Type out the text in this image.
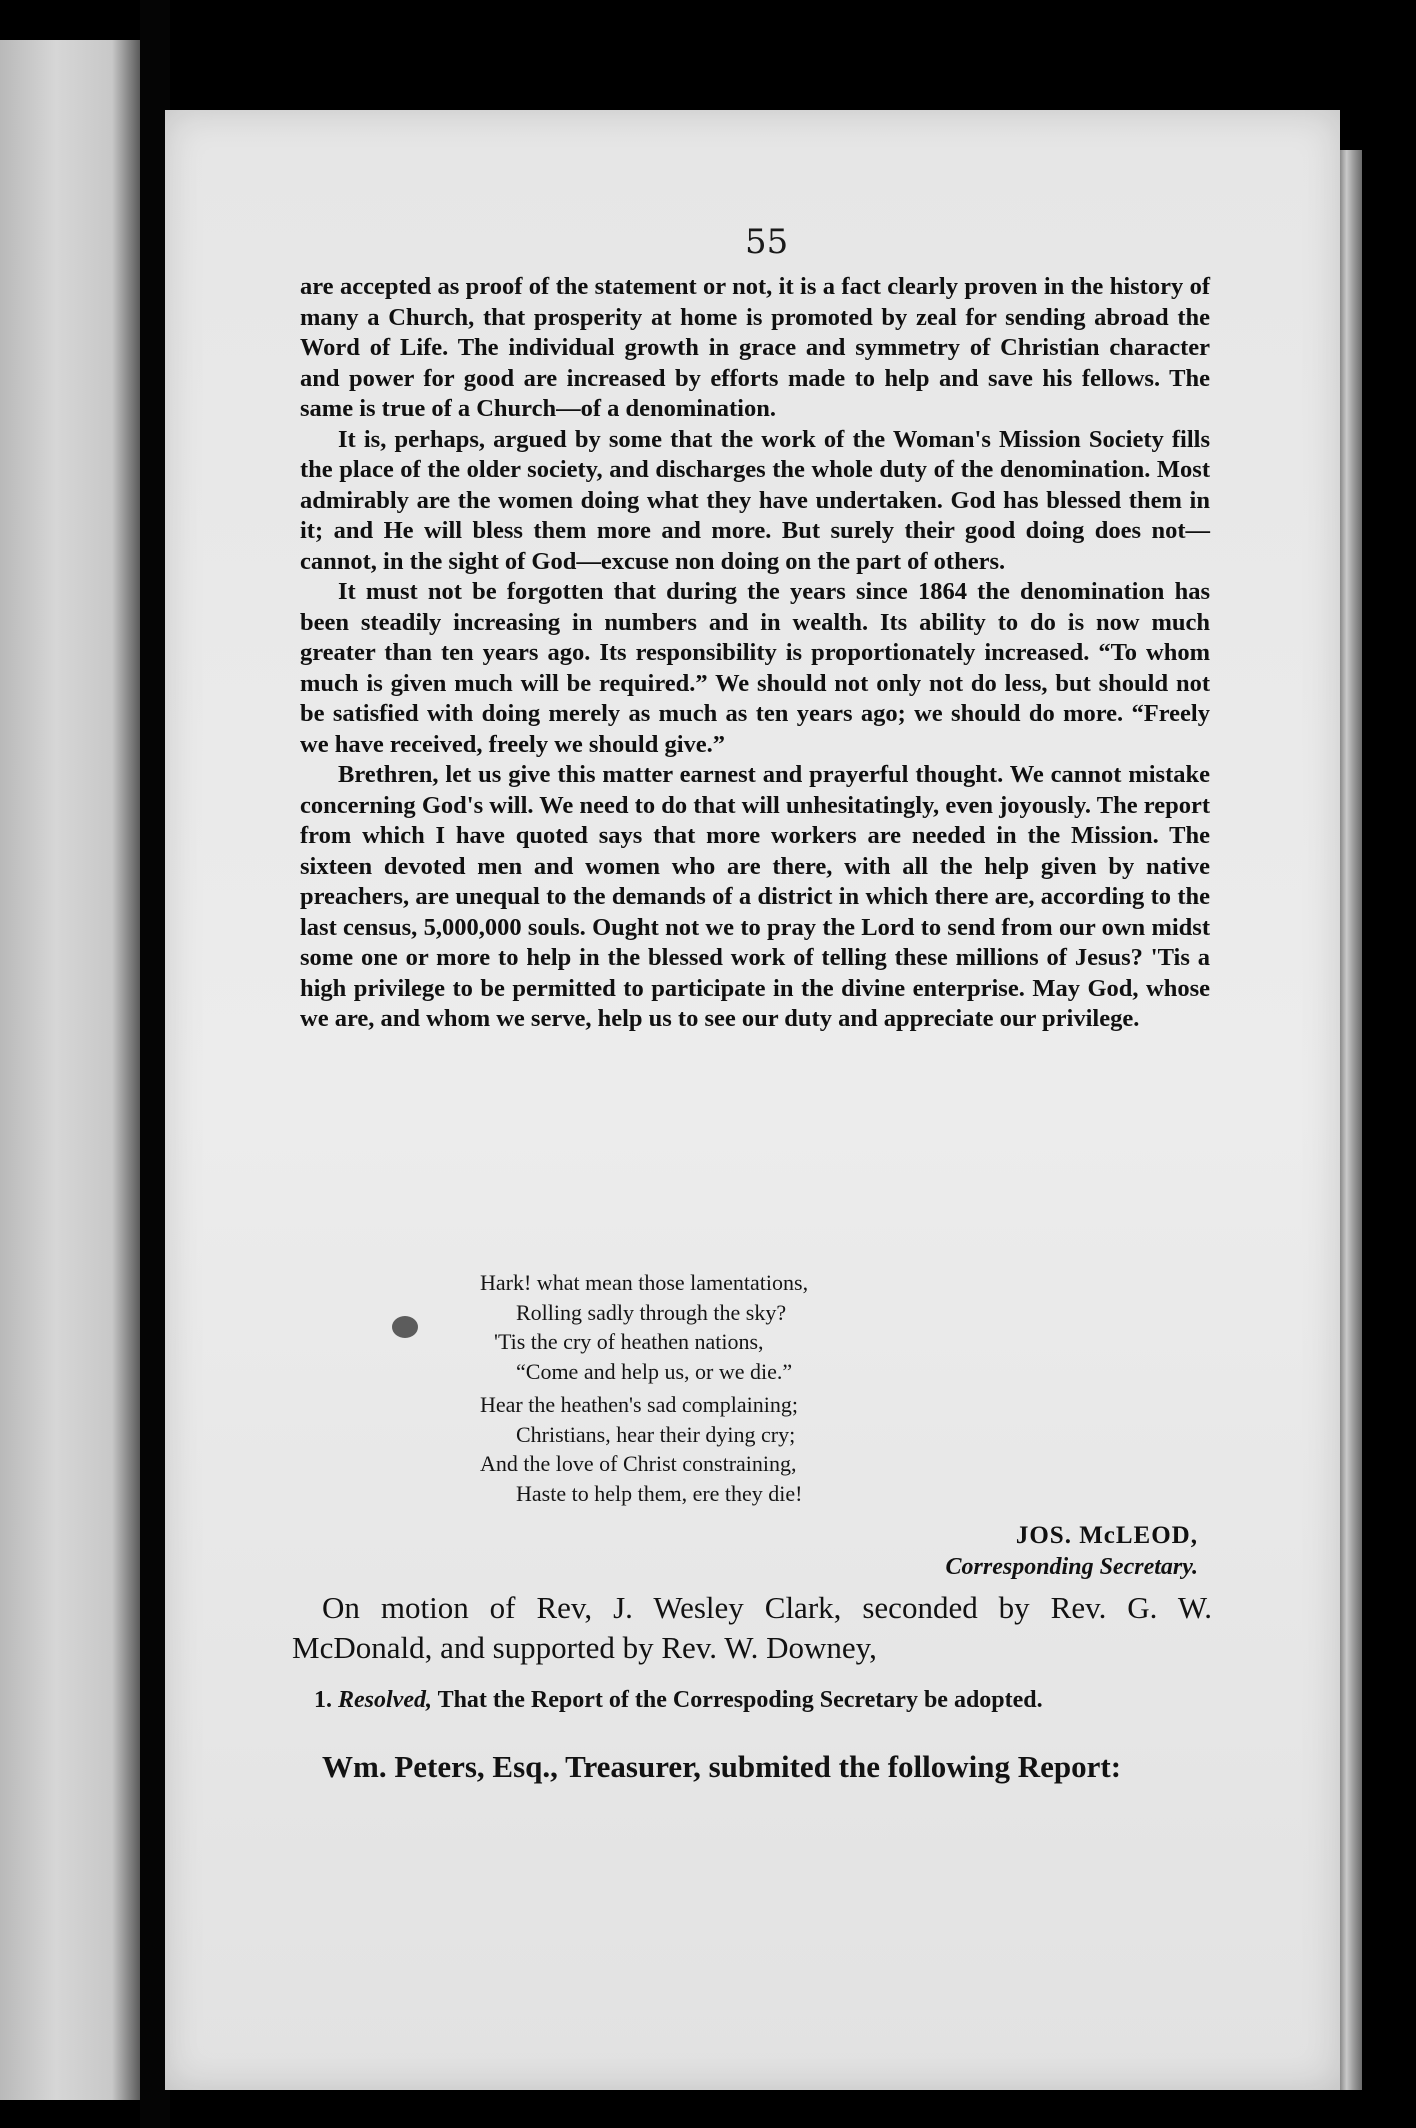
55

are accepted as proof of the statement or not, it is a fact clearly proven in the history of many a Church, that prosperity at home is promoted by zeal for sending abroad the Word of Life. The individual growth in grace and symmetry of Christian character and power for good are increased by efforts made to help and save his fellows. The same is true of a Church—of a denomination.

It is, perhaps, argued by some that the work of the Woman's Mission Society fills the place of the older society, and discharges the whole duty of the denomination. Most admirably are the women doing what they have undertaken. God has blessed them in it; and He will bless them more and more. But surely their good doing does not—cannot, in the sight of God—excuse non doing on the part of others.

It must not be forgotten that during the years since 1864 the denomination has been steadily increasing in numbers and in wealth. Its ability to do is now much greater than ten years ago. Its responsibility is proportionately increased. “To whom much is given much will be required.” We should not only not do less, but should not be satisfied with doing merely as much as ten years ago; we should do more. “Freely we have received, freely we should give.”

Brethren, let us give this matter earnest and prayerful thought. We cannot mistake concerning God's will. We need to do that will unhesitatingly, even joyously. The report from which I have quoted says that more workers are needed in the Mission. The sixteen devoted men and women who are there, with all the help given by native preachers, are unequal to the demands of a district in which there are, according to the last census, 5,000,000 souls. Ought not we to pray the Lord to send from our own midst some one or more to help in the blessed work of telling these millions of Jesus? 'Tis a high privilege to be permitted to participate in the divine enterprise. May God, whose we are, and whom we serve, help us to see our duty and appreciate our privilege.

Hark! what mean those lamentations,
Rolling sadly through the sky?
'Tis the cry of heathen nations,
“Come and help us, or we die.”
Hear the heathen's sad complaining;
Christians, hear their dying cry;
And the love of Christ constraining,
Haste to help them, ere they die!
JOS. McLEOD,
Corresponding Secretary.

On motion of Rev, J. Wesley Clark, seconded by Rev. G. W. McDonald, and supported by Rev. W. Downey,

1. Resolved, That the Report of the Correspoding Secretary be adopted.

Wm. Peters, Esq., Treasurer, submited the following Report:
